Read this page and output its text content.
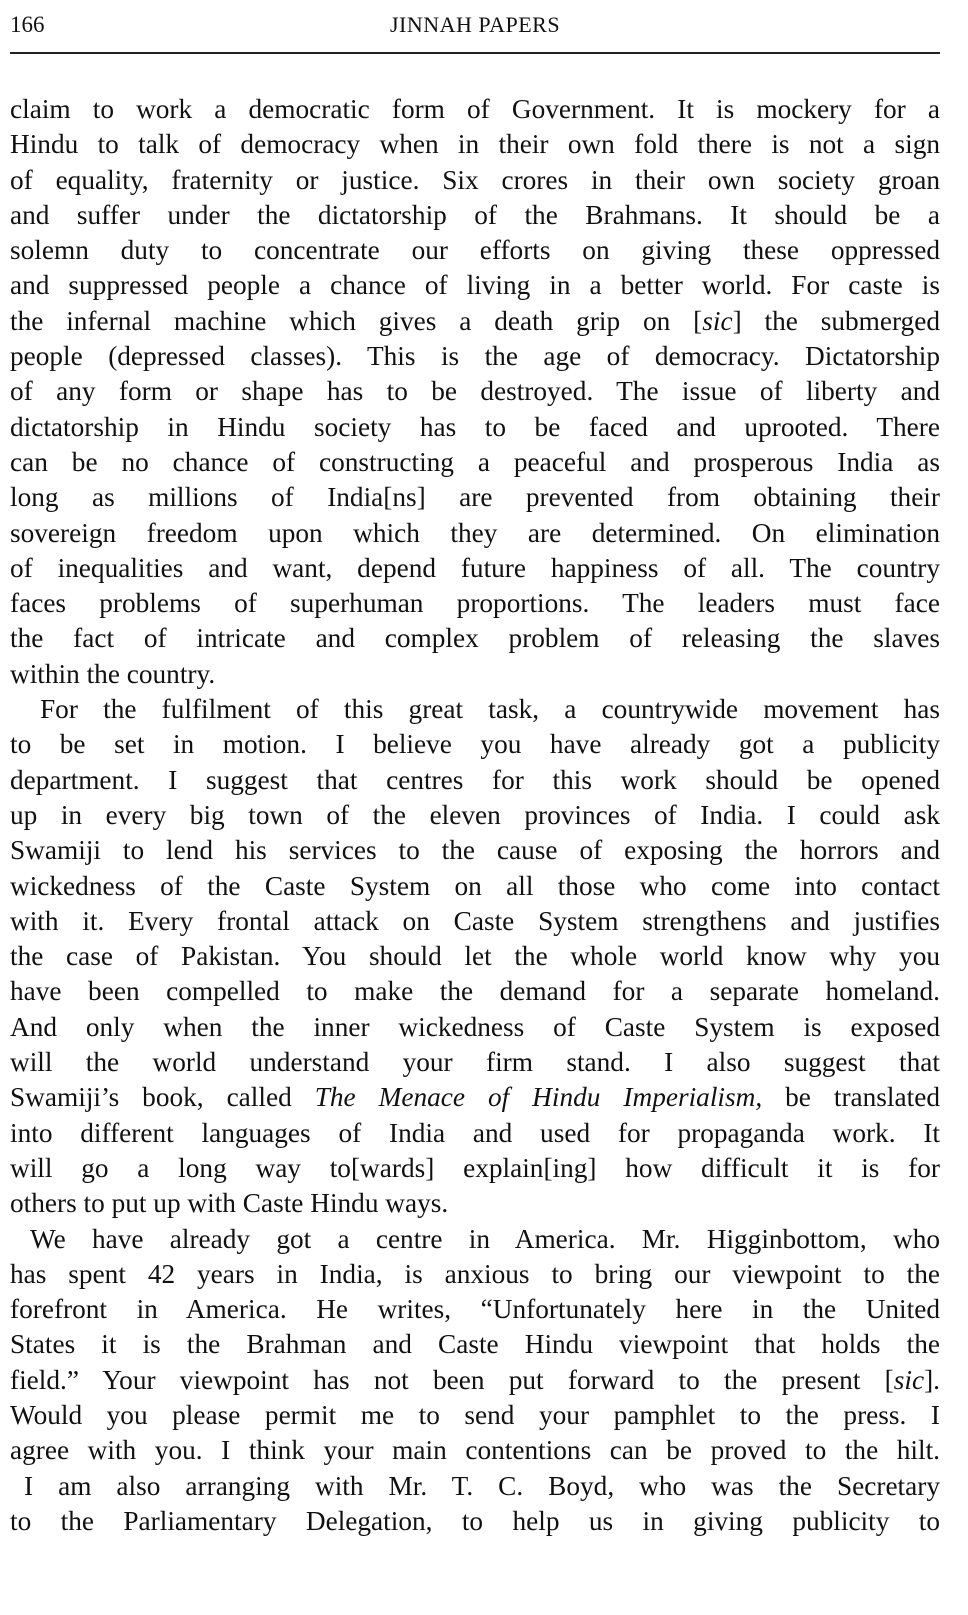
166	JINNAH PAPERS
claim to work a democratic form of Government. It is mockery for a
Hindu to talk of democracy when in their own fold there is not a sign
of equality, fraternity or justice. Six crores in their own society groan
and suffer under the dictatorship of the Brahmans. It should be a
solemn duty to concentrate our efforts on giving these oppressed
and suppressed people a chance of living in a better world. For caste is
the infernal machine which gives a death grip on [sic] the submerged
people (depressed classes). This is the age of democracy. Dictatorship
of any form or shape has to be destroyed. The issue of liberty and
dictatorship in Hindu society has to be faced and uprooted. There
can be no chance of constructing a peaceful and prosperous India as
long as millions of India[ns] are prevented from obtaining their
sovereign freedom upon which they are determined. On elimination
of inequalities and want, depend future happiness of all. The country
faces problems of superhuman proportions. The leaders must face
the fact of intricate and complex problem of releasing the slaves
within the country.
For the fulfilment of this great task, a countrywide movement has
to be set in motion. I believe you have already got a publicity
department. I suggest that centres for this work should be opened
up in every big town of the eleven provinces of India. I could ask
Swamiji to lend his services to the cause of exposing the horrors and
wickedness of the Caste System on all those who come into contact
with it. Every frontal attack on Caste System strengthens and justifies
the case of Pakistan. You should let the whole world know why you
have been compelled to make the demand for a separate homeland.
And only when the inner wickedness of Caste System is exposed
will the world understand your firm stand. I also suggest that
Swamiji’s book, called The Menace of Hindu Imperialism, be translated
into different languages of India and used for propaganda work. It
will go a long way to[wards] explain[ing] how difficult it is for
others to put up with Caste Hindu ways.
We have already got a centre in America. Mr. Higginbottom, who
has spent 42 years in India, is anxious to bring our viewpoint to the
forefront in America. He writes, “Unfortunately here in the United
States it is the Brahman and Caste Hindu viewpoint that holds the
field.” Your viewpoint has not been put forward to the present [sic].
Would you please permit me to send your pamphlet to the press. I
agree with you. I think your main contentions can be proved to the hilt.
I am also arranging with Mr. T. C. Boyd, who was the Secretary
to the Parliamentary Delegation, to help us in giving publicity to
